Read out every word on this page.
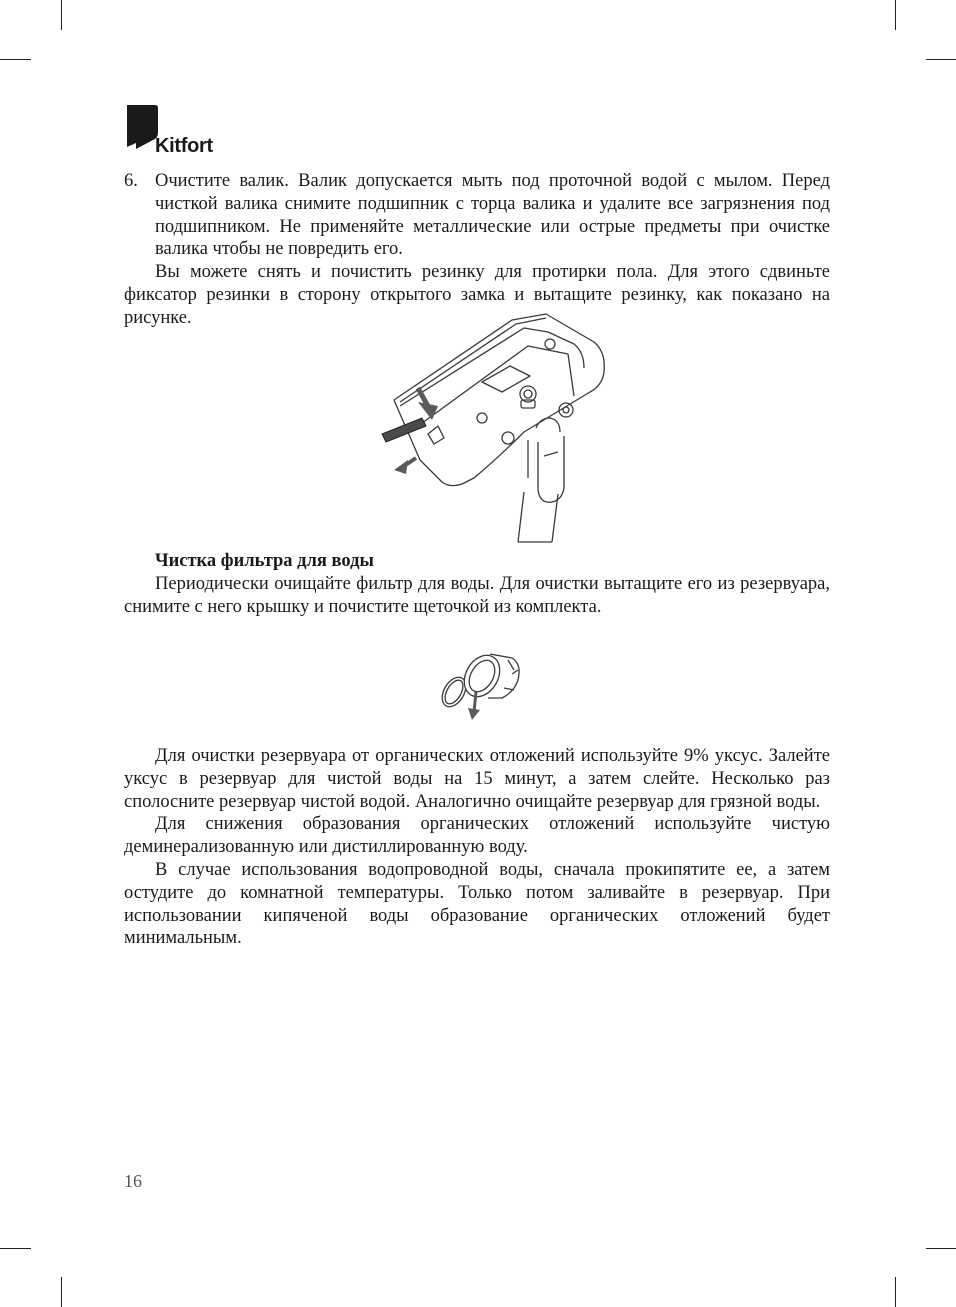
Kitfort
6. Очистите валик. Валик допускается мыть под проточной водой с мылом. Перед чисткой валика снимите подшипник с торца валика и удалите все загрязнения под подшипником. Не применяйте металлические или острые предметы при очистке валика чтобы не повредить его.

Вы можете снять и почистить резинку для протирки пола. Для этого сдвиньте фиксатор резинки в сторону открытого замка и вытащите резинку, как показано на рисунке.

Чистка фильтра для воды

Периодически очищайте фильтр для воды. Для очистки вытащите его из резервуара, снимите с него крышку и почистите щеточкой из комплекта.

Для очистки резервуара от органических отложений используйте 9% уксус. Залейте уксус в резервуар для чистой воды на 15 минут, а затем слейте. Несколько раз сполосните резервуар чистой водой. Аналогично очищайте резервуар для грязной воды.

Для снижения образования органических отложений используйте чистую деминерализованную или дистиллированную воду.

В случае использования водопроводной воды, сначала прокипятите ее, а затем остудите до комнатной температуры. Только потом заливайте в резервуар. При использовании кипяченой воды образование органических отложений будет минимальным.

16
